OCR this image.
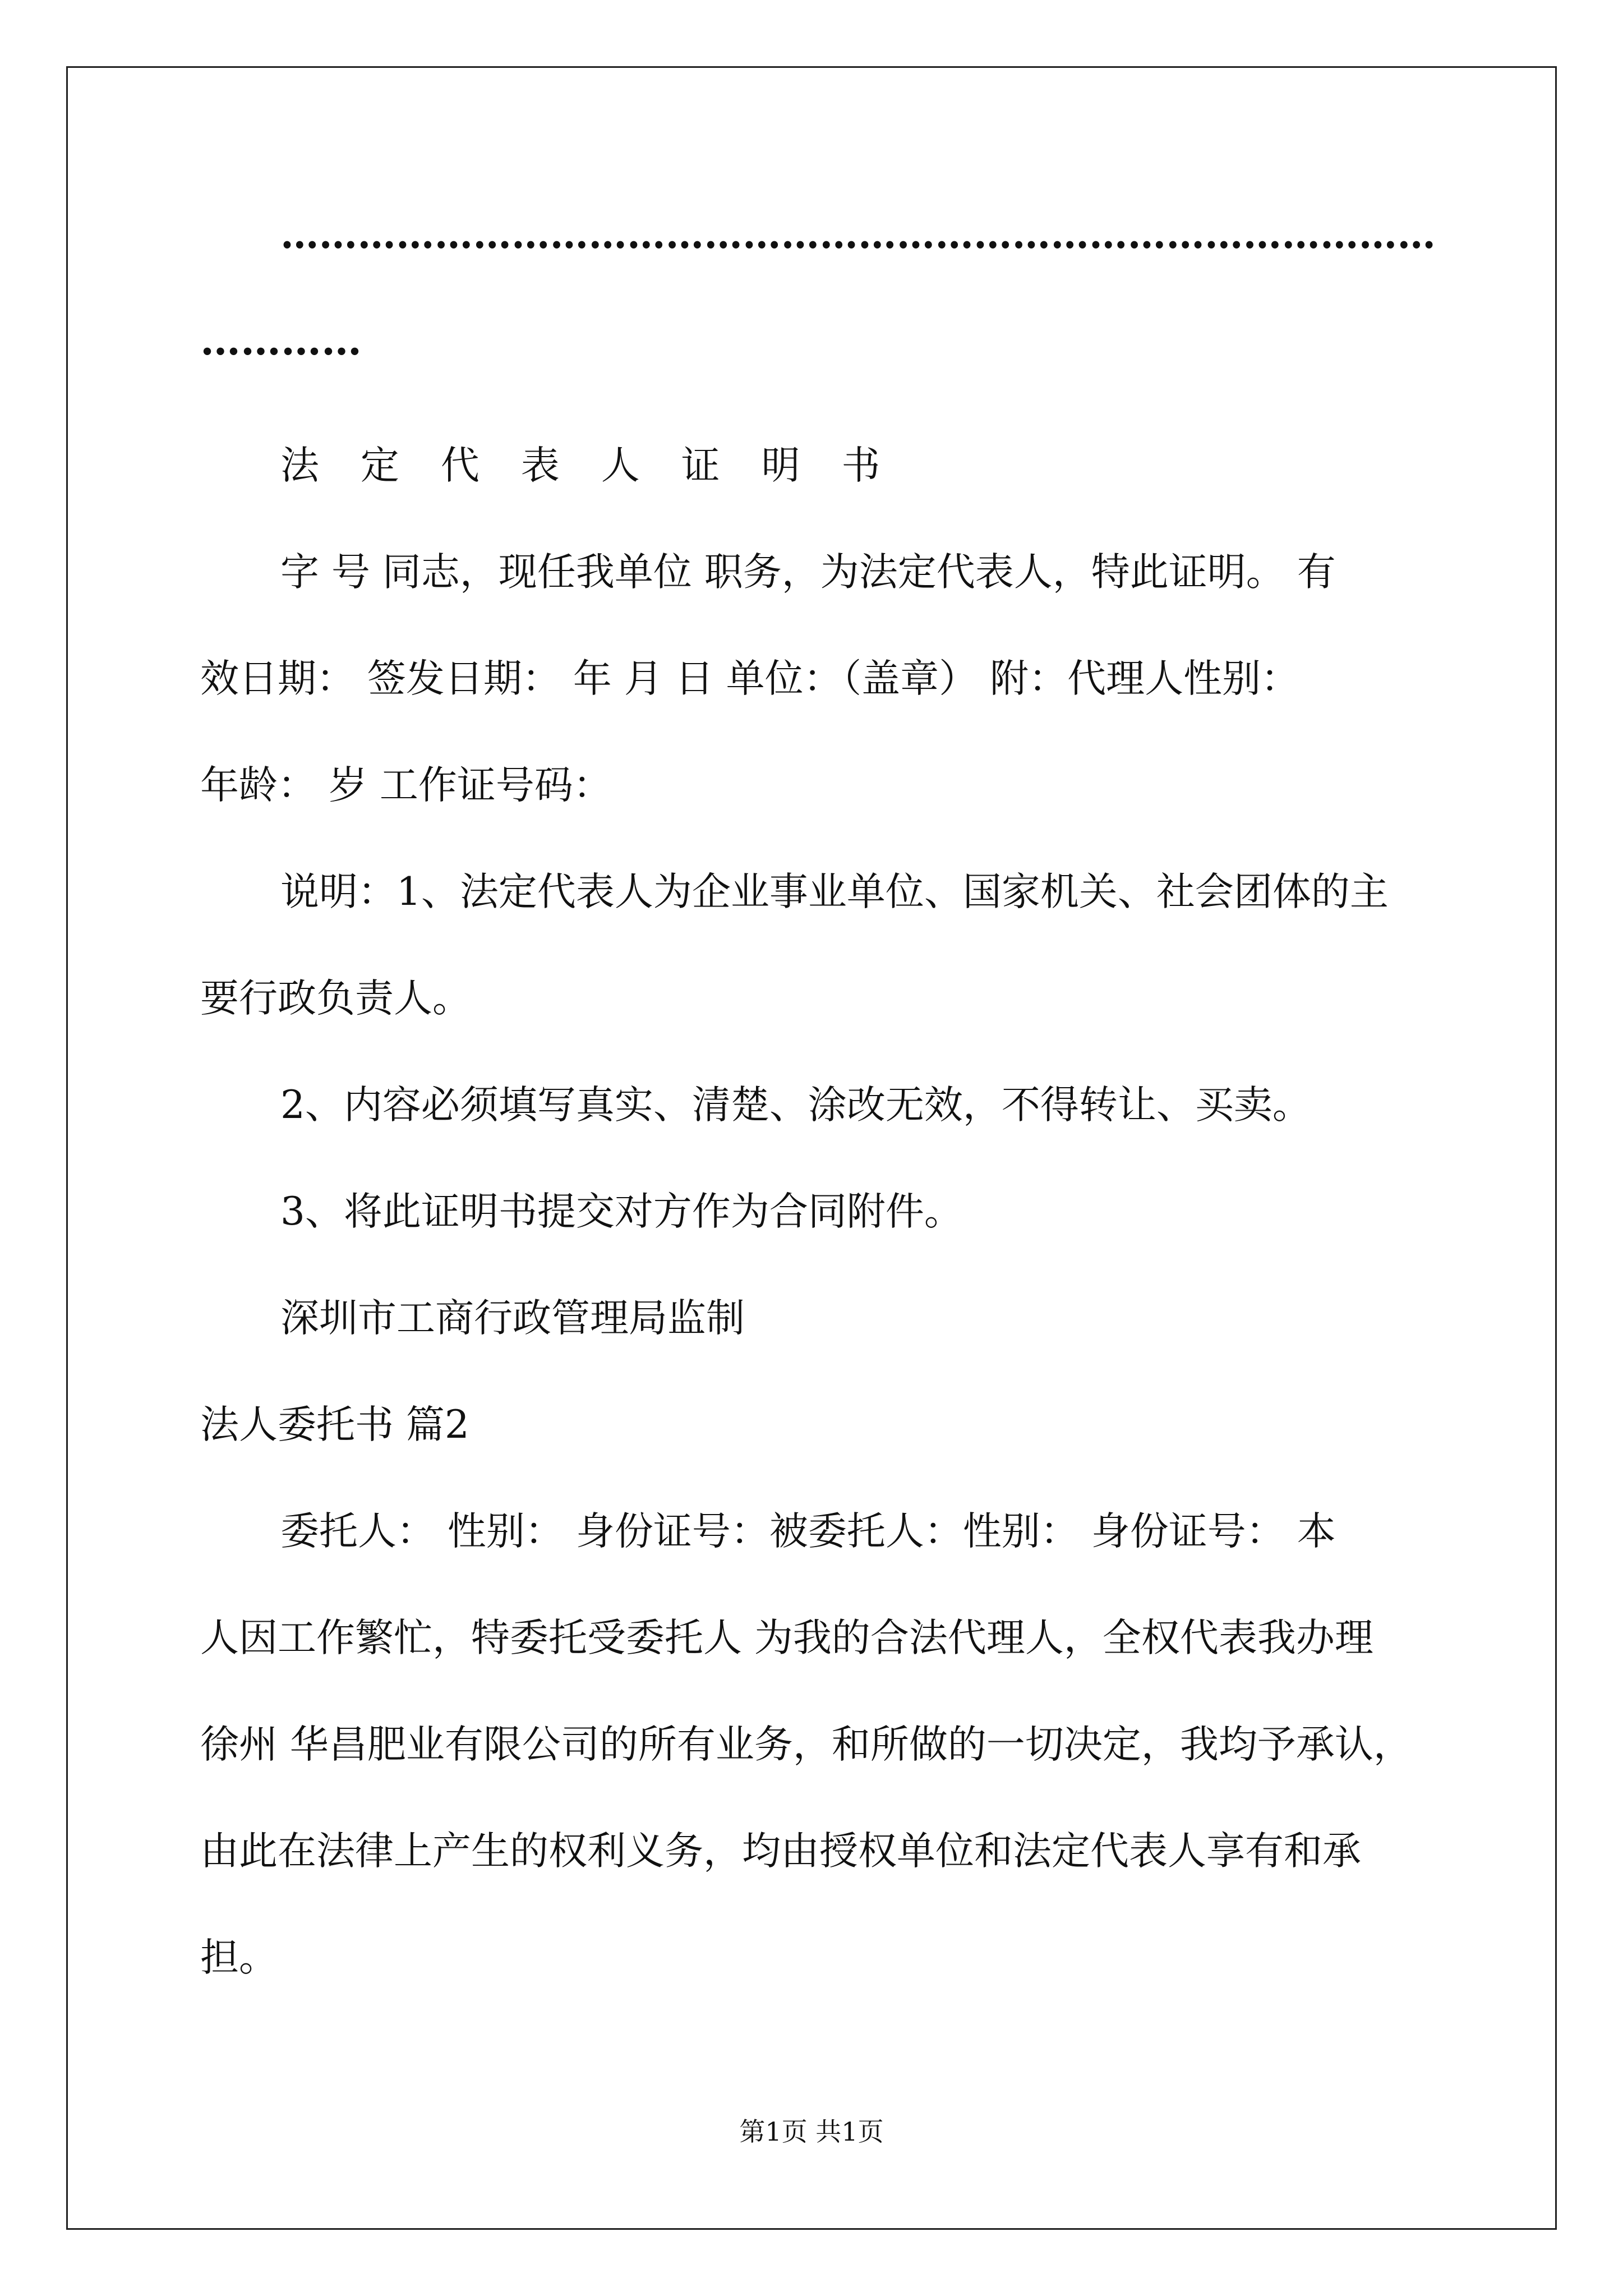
………………………………………………………………………………
…………
法 定 代 表 人 证 明 书
字 号 同志，现任我单位 职务，为法定代表人，特此证明。 有
效日期： 签发日期： 年 月 日 单位：（盖章） 附：代理人性别：
年龄： 岁 工作证号码：
说明：1、法定代表人为企业事业单位、国家机关、社会团体的主
要行政负责人。
2、内容必须填写真实、清楚、涂改无效，不得转让、买卖。
3、将此证明书提交对方作为合同附件。
深圳市工商行政管理局监制
法人委托书 篇2
委托人： 性别： 身份证号：被委托人：性别： 身份证号： 本
人因工作繁忙，特委托受委托人 为我的合法代理人，全权代表我办理
徐州 华昌肥业有限公司的所有业务，和所做的一切决定，我均予承认，
由此在法律上产生的权利义务，均由授权单位和法定代表人享有和承
担。
第1页 共1页
